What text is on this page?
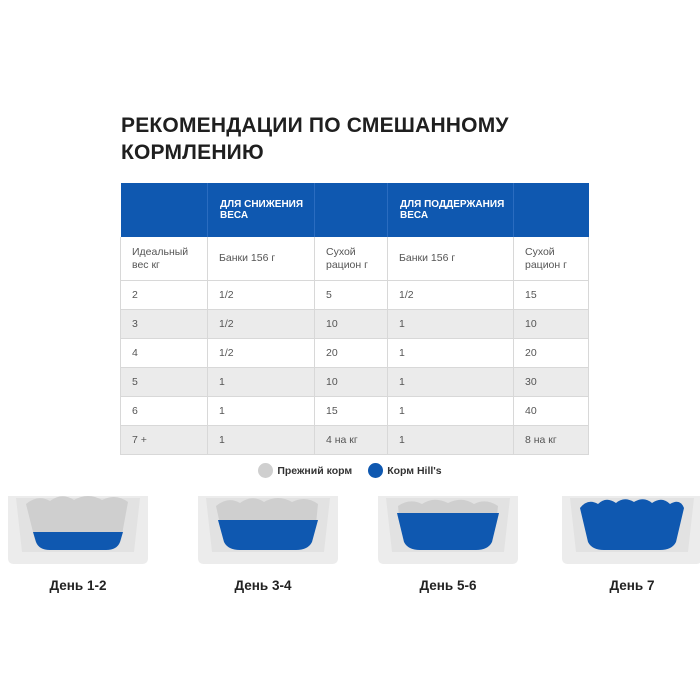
РЕКОМЕНДАЦИИ ПО СМЕШАННОМУ КОРМЛЕНИЮ
	ДЛЯ СНИЖЕНИЯ ВЕСА		ДЛЯ ПОДДЕРЖАНИЯ ВЕСА	
Идеальный вес кг	Банки 156 г	Сухой рацион г	Банки 156 г	Сухой рацион г
2	1/2	5	1/2	15
3	1/2	10	1	10
4	1/2	20	1	20
5	1	10	1	30
6	1	15	1	40
7 +	1	4 на кг	1	8 на кг
Прежний корм	Корм Hill's
День 1-2	День 3-4	День 5-6	День 7
